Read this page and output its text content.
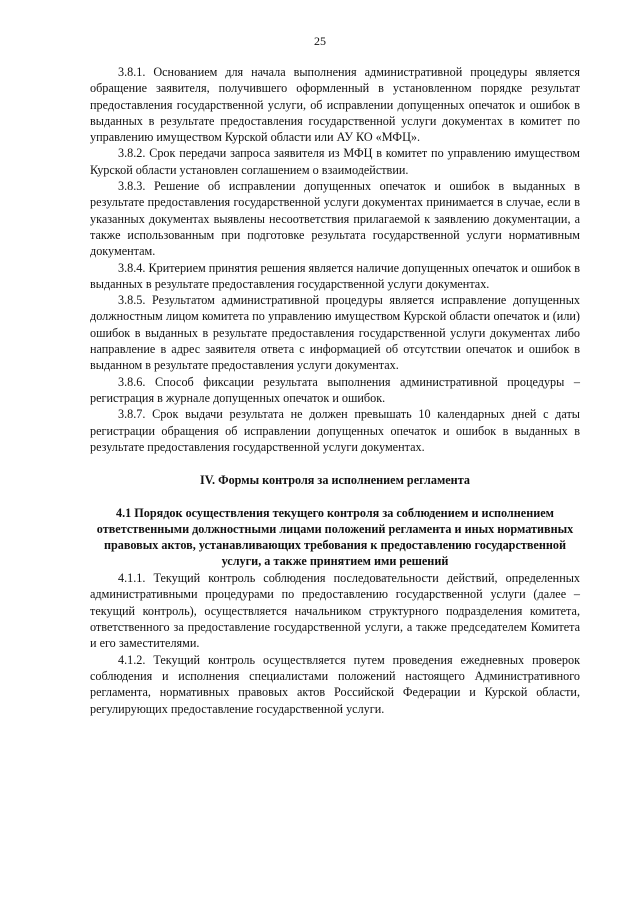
25

3.8.1. Основанием для начала выполнения административной процедуры является обращение заявителя, получившего оформленный в установленном порядке результат предоставления государственной услуги, об исправлении допущенных опечаток и ошибок в выданных в результате предоставления государственной услуги документах в комитет по управлению имуществом Курской области или АУ КО «МФЦ».

3.8.2. Срок передачи запроса заявителя из МФЦ в комитет по управлению имуществом Курской области установлен соглашением о взаимодействии.

3.8.3. Решение об исправлении допущенных опечаток и ошибок в выданных в результате предоставления государственной услуги документах принимается в случае, если в указанных документах выявлены несоответствия прилагаемой к заявлению документации, а также использованным при подготовке результата государственной услуги нормативным документам.

3.8.4. Критерием принятия решения является наличие допущенных опечаток и ошибок в выданных в результате предоставления государственной услуги документах.

3.8.5. Результатом административной процедуры является исправление допущенных должностным лицом комитета по управлению имуществом Курской области опечаток и (или) ошибок в выданных в результате предоставления государственной услуги документах либо направление в адрес заявителя ответа с информацией об отсутствии опечаток и ошибок в выданном в результате предоставления услуги документах.

3.8.6. Способ фиксации результата выполнения административной процедуры – регистрация в журнале допущенных опечаток и ошибок.

3.8.7. Срок выдачи результата не должен превышать 10 календарных дней с даты регистрации обращения об исправлении допущенных опечаток и ошибок в выданных в результате предоставления государственной услуги документах.

IV. Формы контроля за исполнением регламента
4.1 Порядок осуществления текущего контроля за соблюдением и исполнением ответственными должностными лицами положений регламента и иных нормативных правовых актов, устанавливающих требования к предоставлению государственной услуги, а также принятием ими решений

4.1.1. Текущий контроль соблюдения последовательности действий, определенных административными процедурами по предоставлению государственной услуги (далее – текущий контроль), осуществляется начальником структурного подразделения комитета, ответственного за предоставление государственной услуги, а также председателем Комитета и его заместителями.

4.1.2. Текущий контроль осуществляется путем проведения ежедневных проверок соблюдения и исполнения специалистами положений настоящего Административного регламента, нормативных правовых актов Российской Федерации и Курской области, регулирующих предоставление государственной услуги.
